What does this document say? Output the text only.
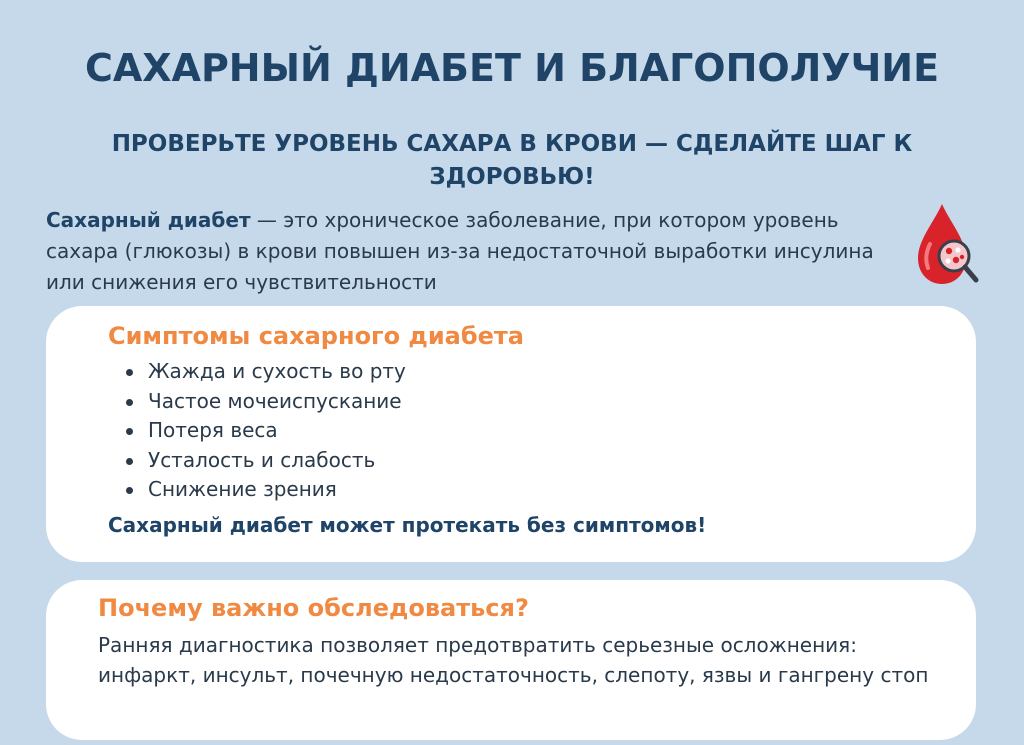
САХАРНЫЙ ДИАБЕТ И БЛАГОПОЛУЧИЕ
ПРОВЕРЬТЕ УРОВЕНЬ САХАРА В КРОВИ — СДЕЛАЙТЕ ШАГ К ЗДОРОВЬЮ!

Сахарный диабет — это хроническое заболевание, при котором уровень сахара (глюкозы) в крови повышен из-за недостаточной выработки инсулина или снижения его чувствительности

Симптомы сахарного диабета
Жажда и сухость во рту
Частое мочеиспускание
Потеря веса
Усталость и слабость
Снижение зрения

Сахарный диабет может протекать без симптомов!

Почему важно обследоваться?

Ранняя диагностика позволяет предотвратить серьезные осложнения: инфаркт, инсульт, почечную недостаточность, слепоту, язвы и гангрену стоп
